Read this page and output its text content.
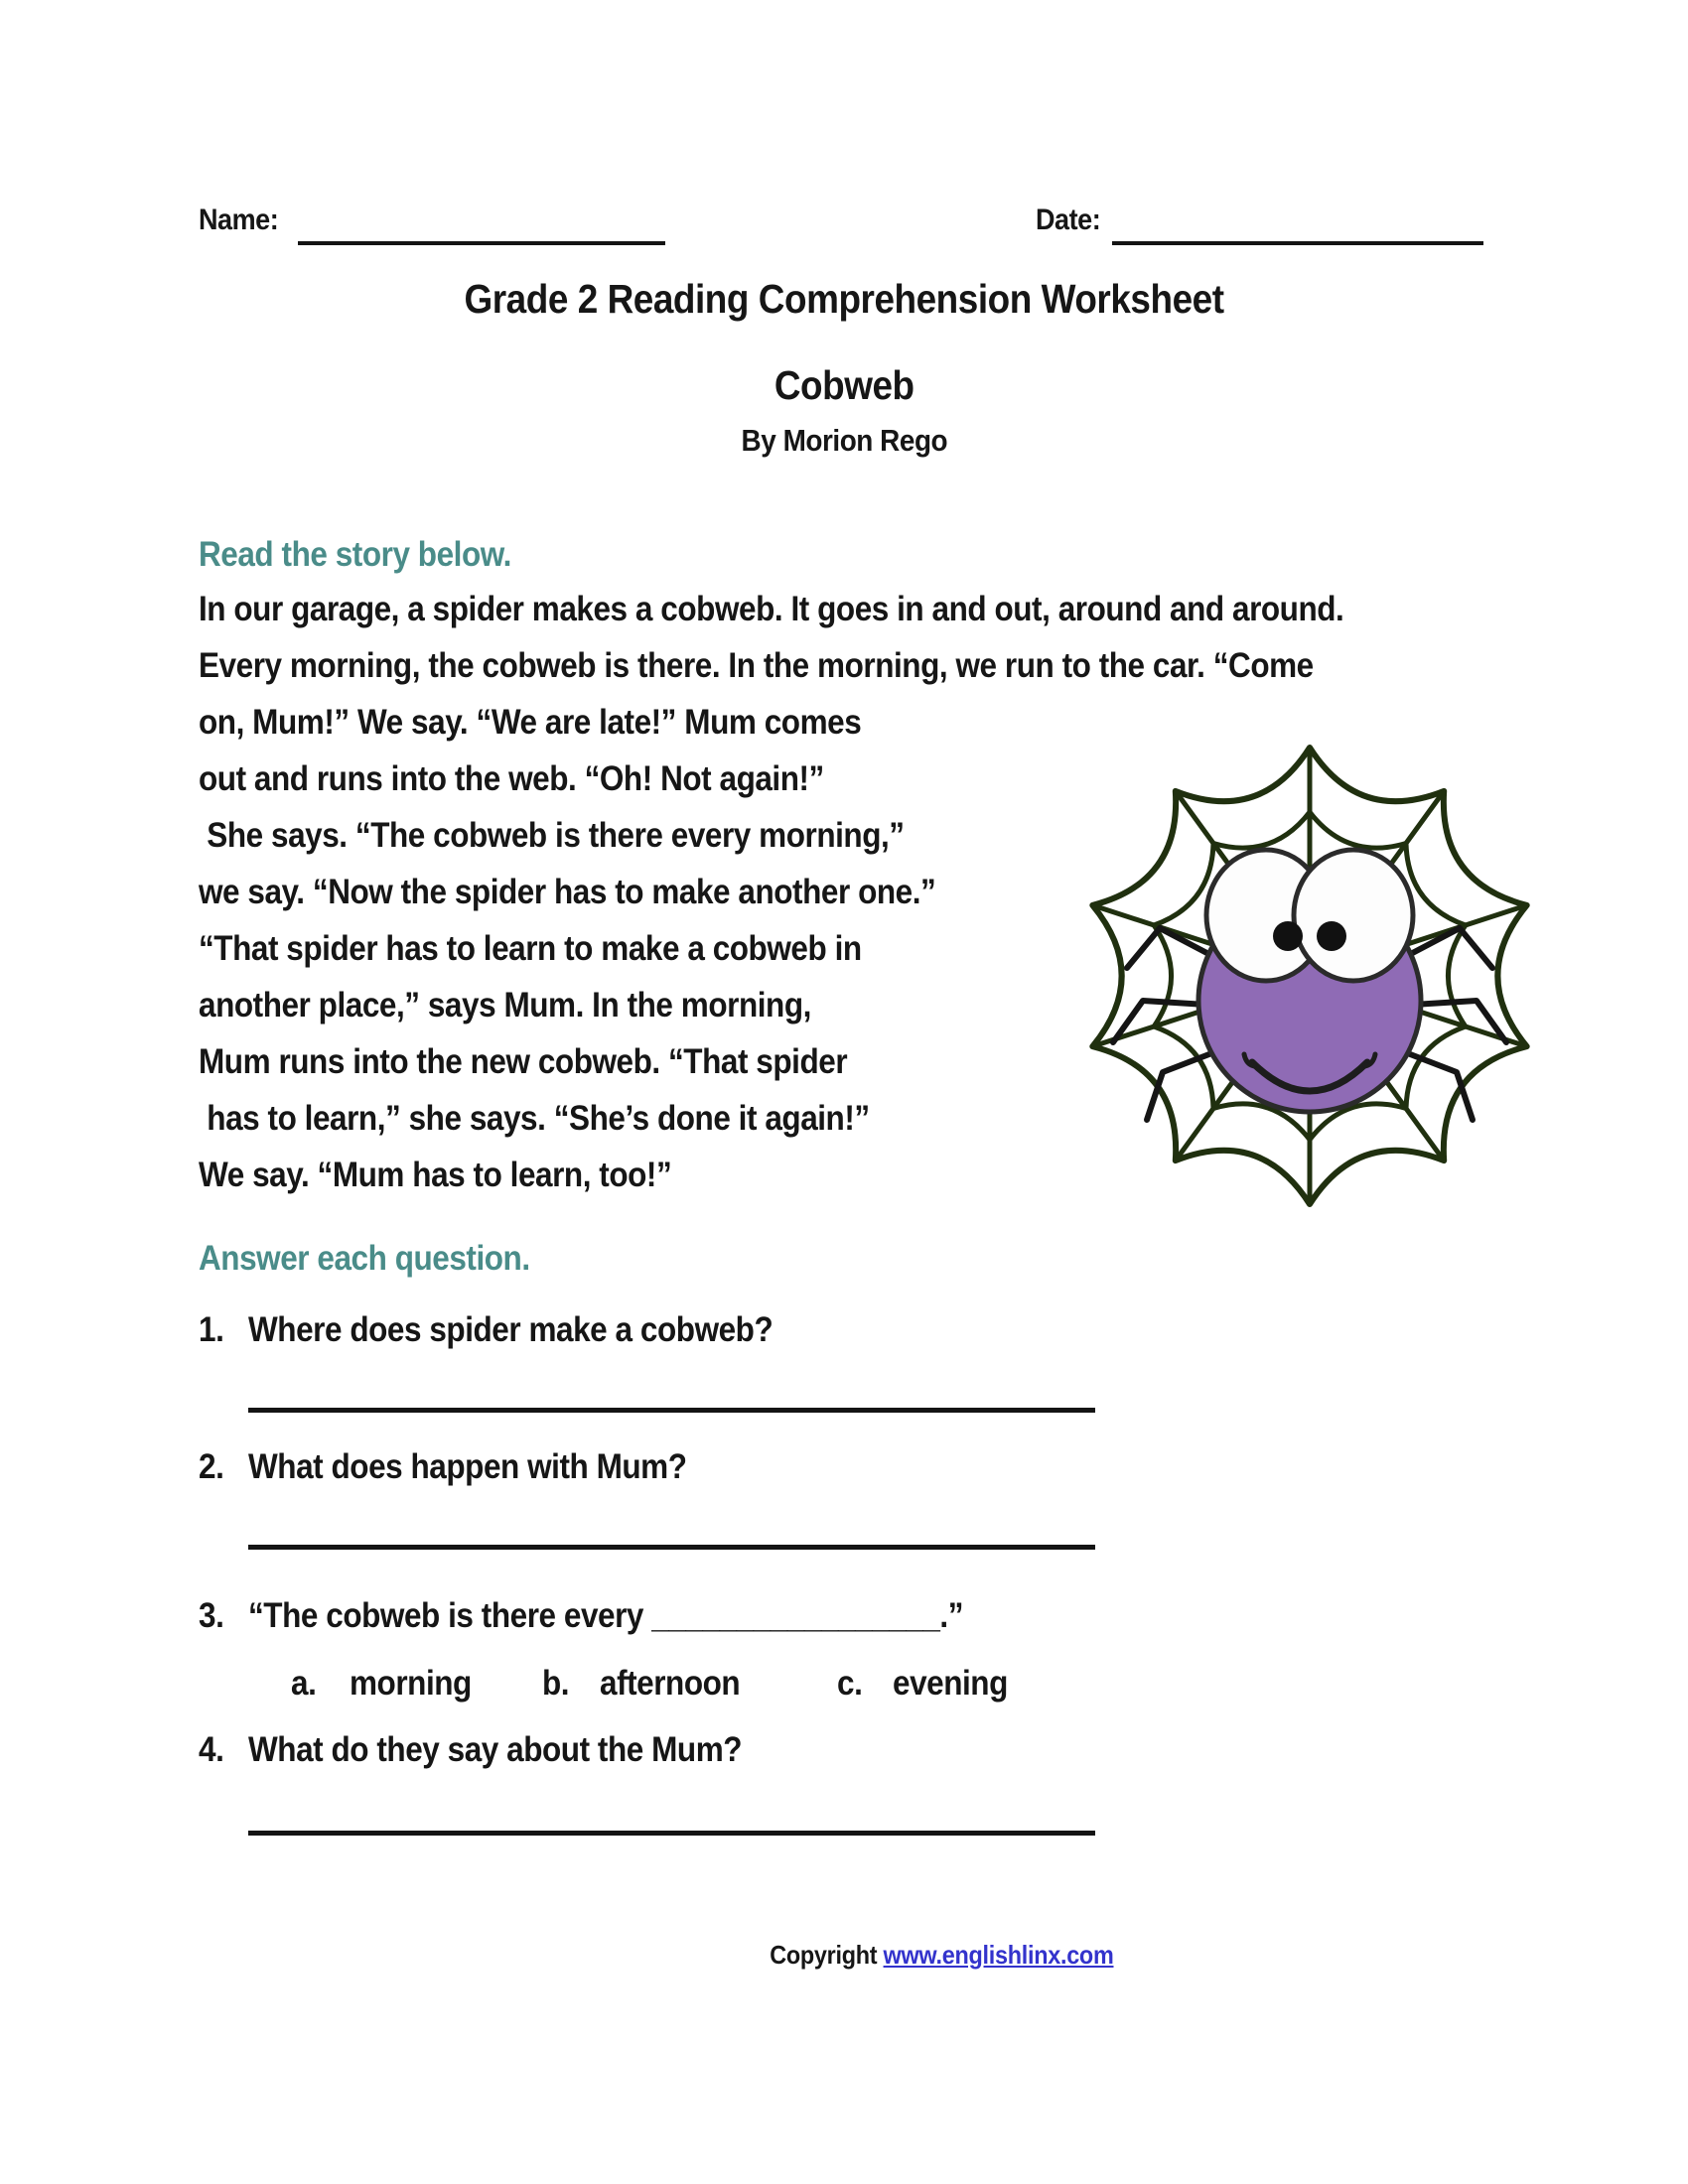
Name:	Date:
Grade 2 Reading Comprehension Worksheet
Cobweb
By Morion Rego
Read the story below.
In our garage, a spider makes a cobweb. It goes in and out, around and around.
Every morning, the cobweb is there. In the morning, we run to the car. “Come
on, Mum!” We say. “We are late!” Mum comes
out and runs into the web. “Oh! Not again!”
She says. “The cobweb is there every morning,”
we say. “Now the spider has to make another one.”
“That spider has to learn to make a cobweb in
another place,” says Mum. In the morning,
Mum runs into the new cobweb. “That spider
has to learn,” she says. “She’s done it again!”
We say. “Mum has to learn, too!”
Answer each question.
1. Where does spider make a cobweb?
2. What does happen with Mum?
3. “The cobweb is there every _________________.”
a. morning	b. afternoon	c. evening
4. What do they say about the Mum?
Copyright www.englishlinx.com
